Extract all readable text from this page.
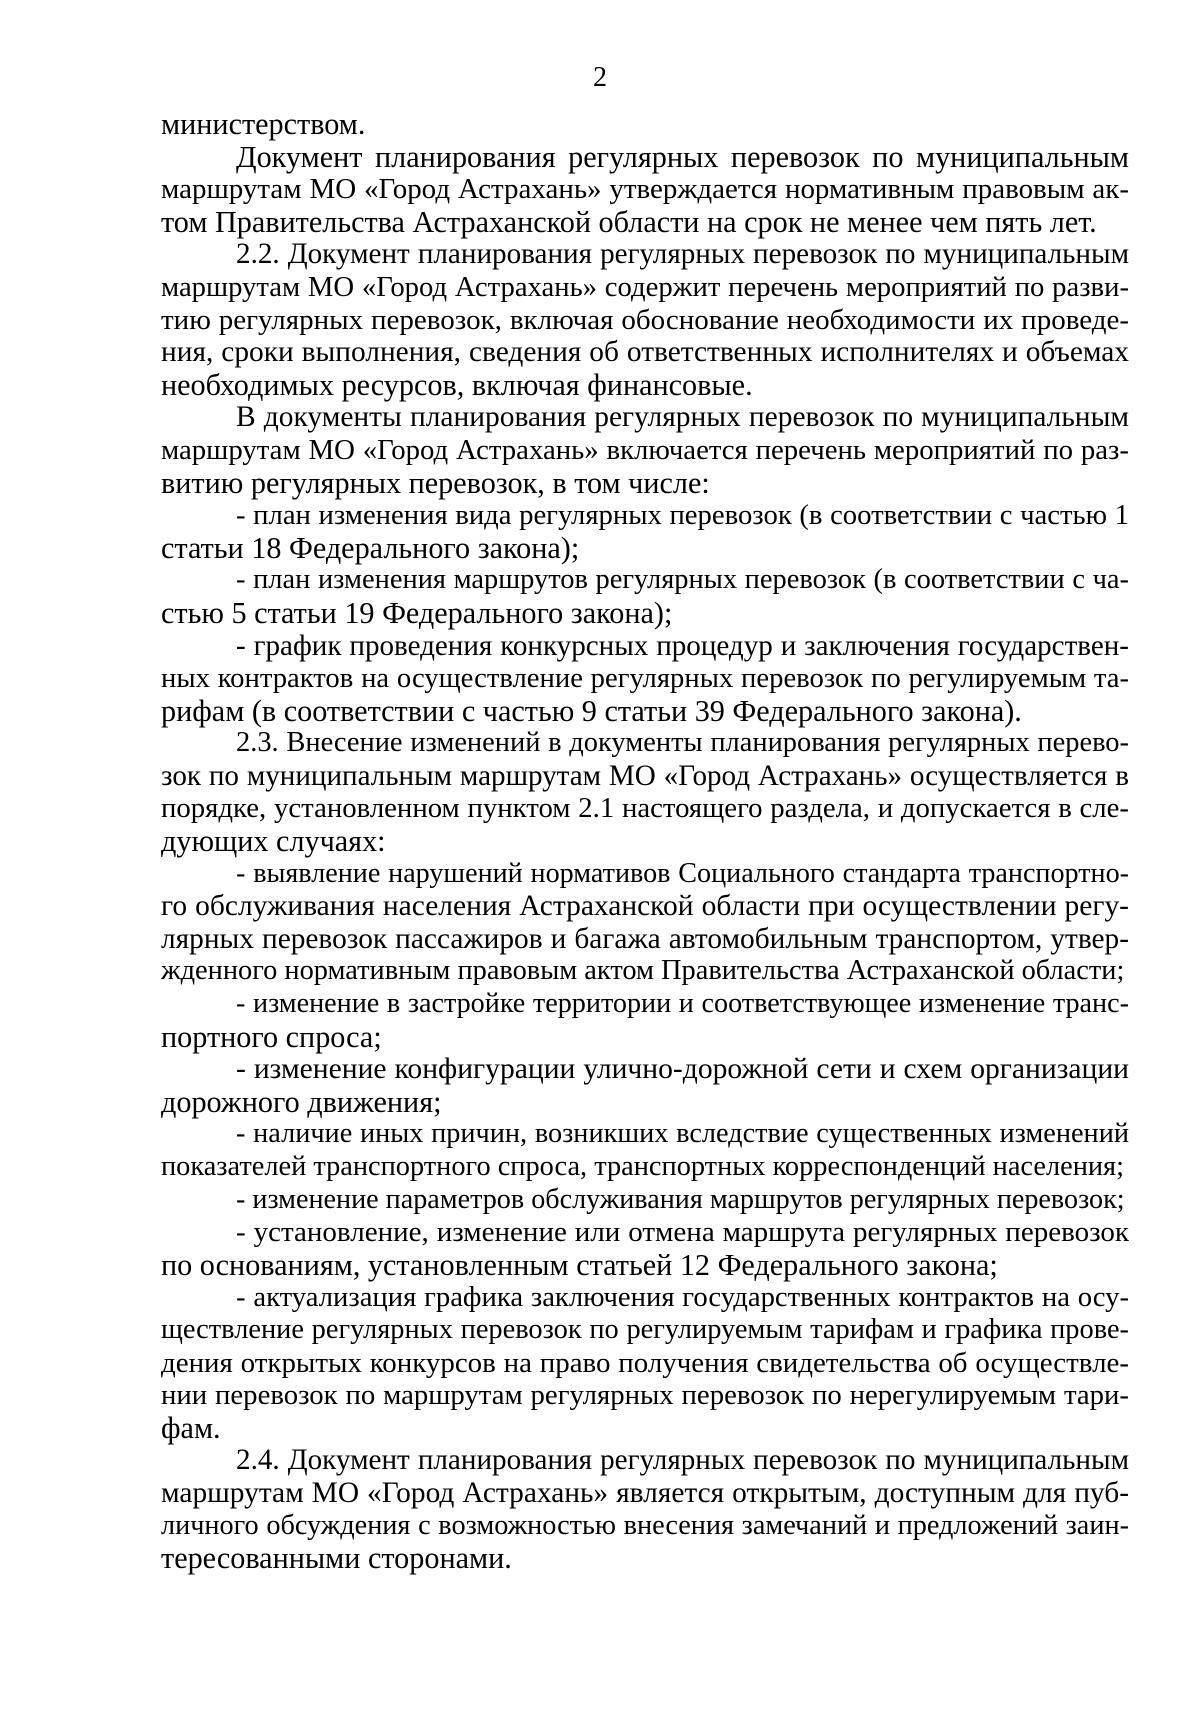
2
министерством.
Документ планирования регулярных перевозок по муниципальным
маршрутам МО «Город Астрахань» утверждается нормативным правовым ак-
том Правительства Астраханской области на срок не менее чем пять лет.
2.2. Документ планирования регулярных перевозок по муниципальным
маршрутам МО «Город Астрахань» содержит перечень мероприятий по разви-
тию регулярных перевозок, включая обоснование необходимости их проведе-
ния, сроки выполнения, сведения об ответственных исполнителях и объемах
необходимых ресурсов, включая финансовые.
В документы планирования регулярных перевозок по муниципальным
маршрутам МО «Город Астрахань» включается перечень мероприятий по раз-
витию регулярных перевозок, в том числе:
- план изменения вида регулярных перевозок (в соответствии с частью 1
статьи 18 Федерального закона);
- план изменения маршрутов регулярных перевозок (в соответствии с ча-
стью 5 статьи 19 Федерального закона);
- график проведения конкурсных процедур и заключения государствен-
ных контрактов на осуществление регулярных перевозок по регулируемым та-
рифам (в соответствии с частью 9 статьи 39 Федерального закона).
2.3. Внесение изменений в документы планирования регулярных перево-
зок по муниципальным маршрутам МО «Город Астрахань» осуществляется в
порядке, установленном пунктом 2.1 настоящего раздела, и допускается в сле-
дующих случаях:
- выявление нарушений нормативов Социального стандарта транспортно-
го обслуживания населения Астраханской области при осуществлении регу-
лярных перевозок пассажиров и багажа автомобильным транспортом, утвер-
жденного нормативным правовым актом Правительства Астраханской области;
- изменение в застройке территории и соответствующее изменение транс-
портного спроса;
- изменение конфигурации улично-дорожной сети и схем организации
дорожного движения;
- наличие иных причин, возникших вследствие существенных изменений
показателей транспортного спроса, транспортных корреспонденций населения;
- изменение параметров обслуживания маршрутов регулярных перевозок;
- установление, изменение или отмена маршрута регулярных перевозок
по основаниям, установленным статьей 12 Федерального закона;
- актуализация графика заключения государственных контрактов на осу-
ществление регулярных перевозок по регулируемым тарифам и графика прове-
дения открытых конкурсов на право получения свидетельства об осуществле-
нии перевозок по маршрутам регулярных перевозок по нерегулируемым тари-
фам.
2.4. Документ планирования регулярных перевозок по муниципальным
маршрутам МО «Город Астрахань» является открытым, доступным для пуб-
личного обсуждения с возможностью внесения замечаний и предложений заин-
тересованными сторонами.
